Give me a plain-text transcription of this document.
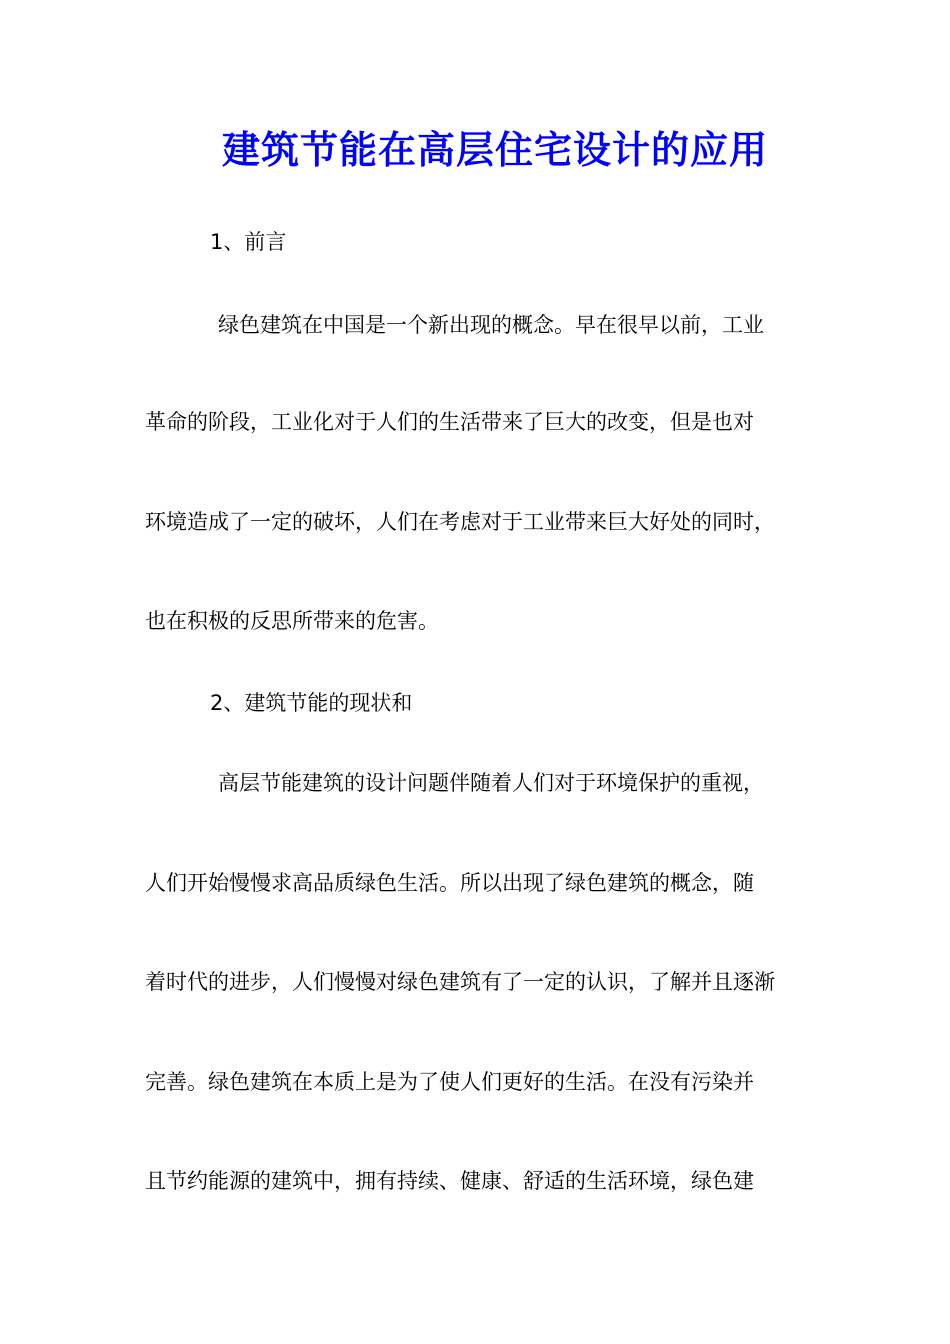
建筑节能在高层住宅设计的应用
1、前言
绿色建筑在中国是一个新出现的概念。早在很早以前，工业
革命的阶段，工业化对于人们的生活带来了巨大的改变，但是也对
环境造成了一定的破坏，人们在考虑对于工业带来巨大好处的同时，
也在积极的反思所带来的危害。
2、建筑节能的现状和
高层节能建筑的设计问题伴随着人们对于环境保护的重视，
人们开始慢慢求高品质绿色生活。所以出现了绿色建筑的概念，随
着时代的进步，人们慢慢对绿色建筑有了一定的认识，了解并且逐渐
完善。绿色建筑在本质上是为了使人们更好的生活。在没有污染并
且节约能源的建筑中，拥有持续、健康、舒适的生活环境，绿色建
